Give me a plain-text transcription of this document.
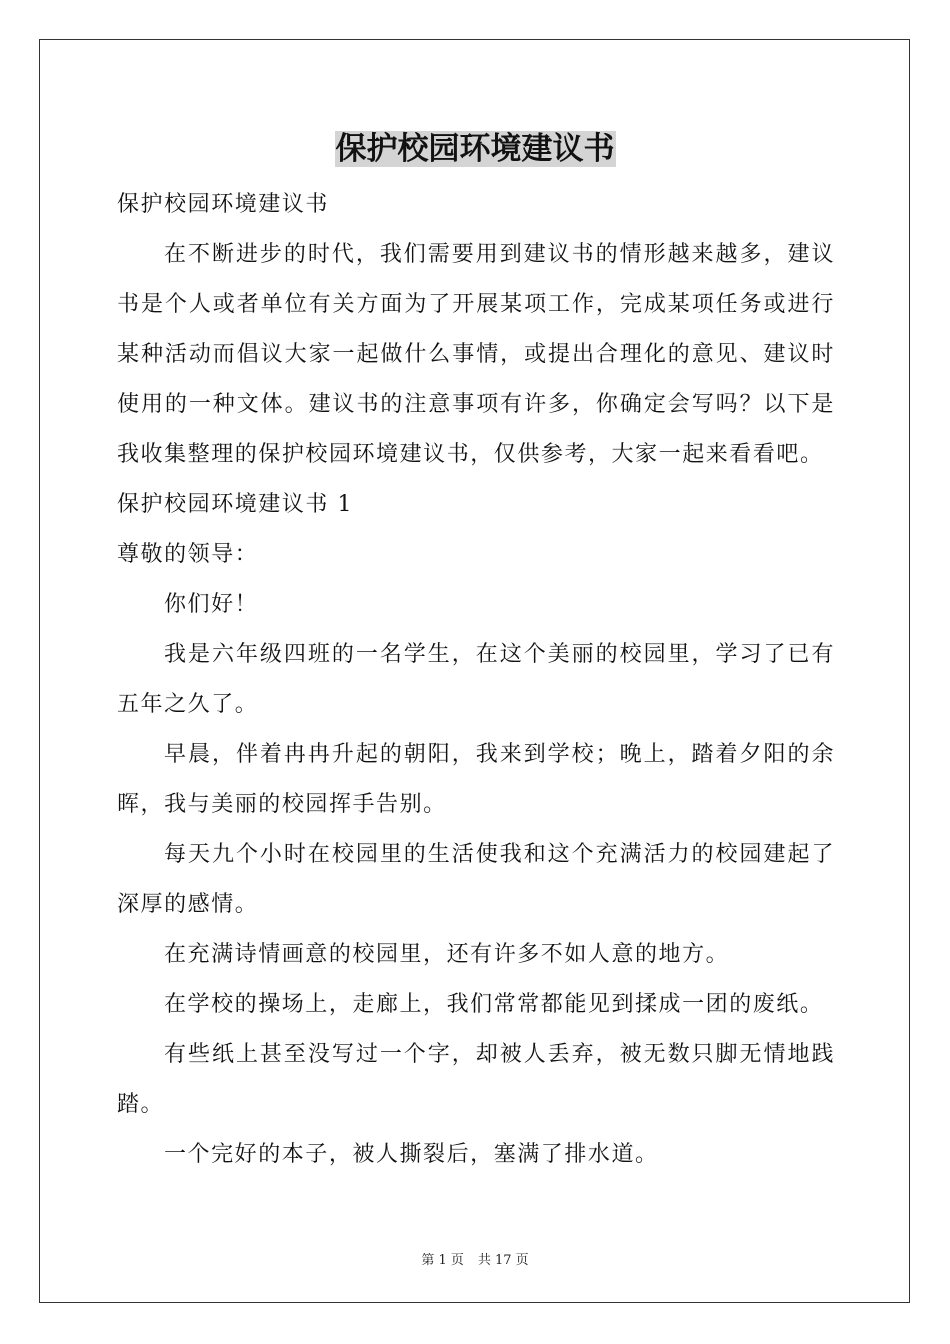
保护校园环境建议书

保护校园环境建议书

在不断进步的时代，我们需要用到建议书的情形越来越多，建议书是个人或者单位有关方面为了开展某项工作，完成某项任务或进行某种活动而倡议大家一起做什么事情，或提出合理化的意见、建议时使用的一种文体。建议书的注意事项有许多，你确定会写吗？以下是我收集整理的保护校园环境建议书，仅供参考，大家一起来看看吧。

保护校园环境建议书 1

尊敬的领导：

你们好！

我是六年级四班的一名学生，在这个美丽的校园里，学习了已有五年之久了。

早晨，伴着冉冉升起的朝阳，我来到学校；晚上，踏着夕阳的余晖，我与美丽的校园挥手告别。

每天九个小时在校园里的生活使我和这个充满活力的校园建起了深厚的感情。

在充满诗情画意的校园里，还有许多不如人意的地方。

在学校的操场上，走廊上，我们常常都能见到揉成一团的废纸。

有些纸上甚至没写过一个字，却被人丢弃，被无数只脚无情地践踏。

一个完好的本子，被人撕裂后，塞满了排水道。

第 1 页 共 17 页
